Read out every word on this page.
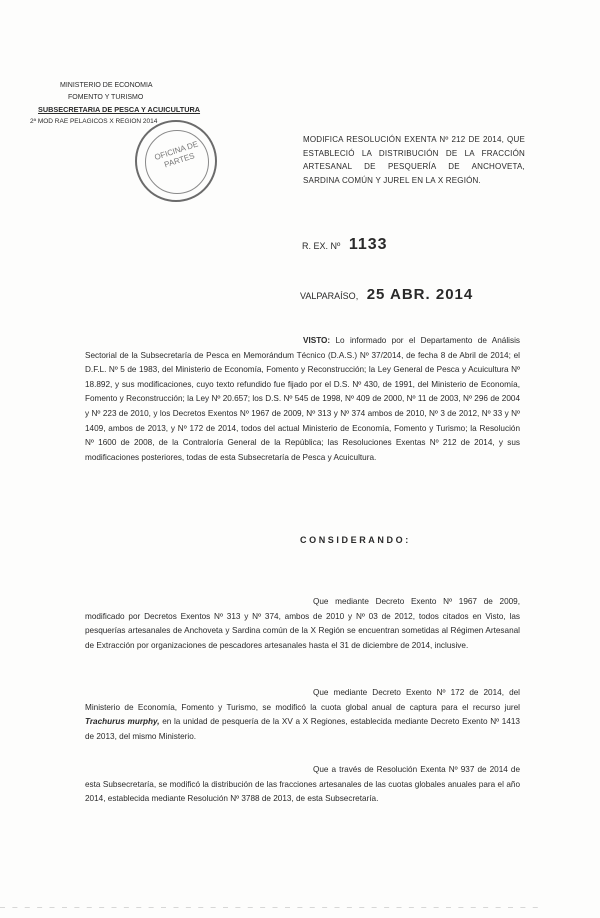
MINISTERIO DE ECONOMIA
FOMENTO Y TURISMO
SUBSECRETARIA DE PESCA Y ACUICULTURA
2ª MOD RAE PELAGICOS X REGION 2014
OFICINA DE PARTES
MODIFICA RESOLUCIÓN EXENTA Nº 212 DE 2014, QUE ESTABLECIÓ LA DISTRIBUCIÓN DE LA FRACCIÓN ARTESANAL DE PESQUERÍA DE ANCHOVETA, SARDINA COMÚN Y JUREL EN LA X REGIÓN.
R. EX. Nº 1133
VALPARAÍSO, 25 ABR. 2014
VISTO: Lo informado por el Departamento de Análisis Sectorial de la Subsecretaría de Pesca en Memorándum Técnico (D.A.S.) Nº 37/2014, de fecha 8 de Abril de 2014; el D.F.L. Nº 5 de 1983, del Ministerio de Economía, Fomento y Reconstrucción; la Ley General de Pesca y Acuicultura Nº 18.892, y sus modificaciones, cuyo texto refundido fue fijado por el D.S. Nº 430, de 1991, del Ministerio de Economía, Fomento y Reconstrucción; la Ley Nº 20.657; los D.S. Nº 545 de 1998, Nº 409 de 2000, Nº 11 de 2003, Nº 296 de 2004 y Nº 223 de 2010, y los Decretos Exentos Nº 1967 de 2009, Nº 313 y Nº 374 ambos de 2010, Nº 3 de 2012, Nº 33 y Nº 1409, ambos de 2013, y Nº 172 de 2014, todos del actual Ministerio de Economía, Fomento y Turismo; la Resolución Nº 1600 de 2008, de la Contraloría General de la República; las Resoluciones Exentas Nº 212 de 2014, y sus modificaciones posteriores, todas de esta Subsecretaría de Pesca y Acuicultura.
CONSIDERANDO:
Que mediante Decreto Exento Nº 1967 de 2009, modificado por Decretos Exentos Nº 313 y Nº 374, ambos de 2010 y Nº 03 de 2012, todos citados en Visto, las pesquerías artesanales de Anchoveta y Sardina común de la X Región se encuentran sometidas al Régimen Artesanal de Extracción por organizaciones de pescadores artesanales hasta el 31 de diciembre de 2014, inclusive.
Que mediante Decreto Exento Nº 172 de 2014, del Ministerio de Economía, Fomento y Turismo, se modificó la cuota global anual de captura para el recurso jurel Trachurus murphy, en la unidad de pesquería de la XV a X Regiones, establecida mediante Decreto Exento Nº 1413 de 2013, del mismo Ministerio.
Que a través de Resolución Exenta Nº 937 de 2014 de esta Subsecretaría, se modificó la distribución de las fracciones artesanales de las cuotas globales anuales para el año 2014, establecida mediante Resolución Nº 3788 de 2013, de esta Subsecretaría.
— — — — — — — — — — — — — — — — — — — — — — — — — — — — — — — — — — — — — — — — — — — —
